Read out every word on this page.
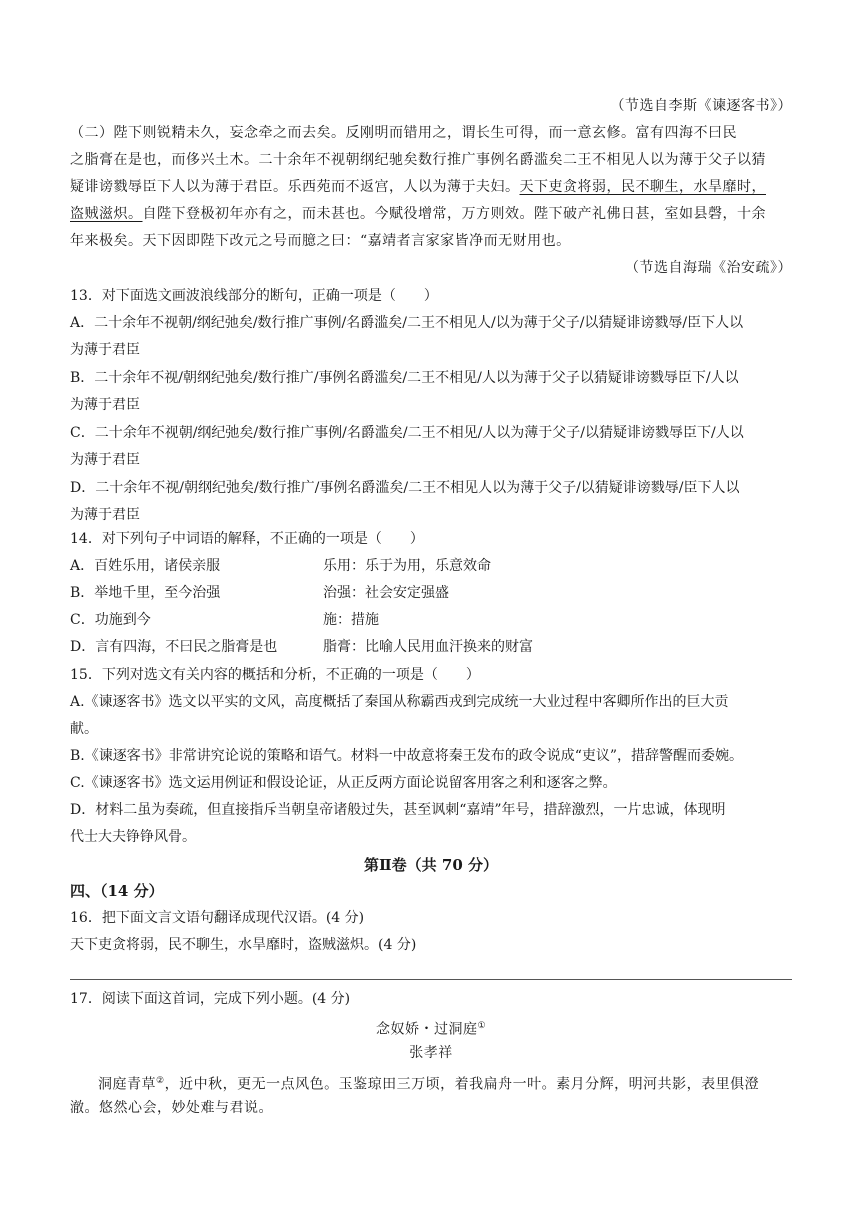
（节选自李斯《谏逐客书》）
（二）陛下则锐精未久，妄念牵之而去矣。反刚明而错用之，谓长生可得，而一意玄修。富有四海不曰民
之脂膏在是也，而侈兴土木。二十余年不视朝纲纪驰矣数行推广事例名爵滥矣二王不相见人以为薄于父子以猜
疑诽谤戮辱臣下人以为薄于君臣。乐西苑而不返宫，人以为薄于夫妇。天下吏贪将弱，民不聊生，水旱靡时，
盗贼滋炽。自陛下登极初年亦有之，而未甚也。今赋役增常，万方则效。陛下破产礼佛日甚，室如县磬，十余
年来极矣。天下因即陛下改元之号而臆之曰：“嘉靖者言家家皆净而无财用也。
（节选自海瑞《治安疏》）
13．对下面选文画波浪线部分的断句，正确一项是（　　）
A．二十余年不视朝/纲纪弛矣/数行推广事例/名爵滥矣/二王不相见人/以为薄于父子/以猜疑诽谤戮辱/臣下人以
为薄于君臣
B．二十余年不视/朝纲纪弛矣/数行推广/事例名爵滥矣/二王不相见/人以为薄于父子以猜疑诽谤戮辱臣下/人以
为薄于君臣
C．二十余年不视朝/纲纪弛矣/数行推广事例/名爵滥矣/二王不相见/人以为薄于父子/以猜疑诽谤戮辱臣下/人以
为薄于君臣
D．二十余年不视/朝纲纪弛矣/数行推广/事例名爵滥矣/二王不相见人以为薄于父子/以猜疑诽谤戮辱/臣下人以
为薄于君臣
14．对下列句子中词语的解释，不正确的一项是（　　）
A．百姓乐用，诸侯亲服	乐用：乐于为用，乐意效命
B．举地千里，至今治强	治强：社会安定强盛
C．功施到今	施：措施
D．言有四海，不曰民之脂膏是也	脂膏：比喻人民用血汗换来的财富
15．下列对选文有关内容的概括和分析，不正确的一项是（　　）
A.《谏逐客书》选文以平实的文风，高度概括了秦国从称霸西戎到完成统一大业过程中客卿所作出的巨大贡
献。
B.《谏逐客书》非常讲究论说的策略和语气。材料一中故意将秦王发布的政令说成“吏议”，措辞警醒而委婉。
C.《谏逐客书》选文运用例证和假设论证，从正反两方面论说留客用客之利和逐客之弊。
D．材料二虽为奏疏，但直接指斥当朝皇帝诸般过失，甚至讽刺“嘉靖”年号，措辞激烈，一片忠诚，体现明
代士大夫铮铮风骨。
第Ⅱ卷（共 70 分）
四、（14 分）
16．把下面文言文语句翻译成现代汉语。(4 分)
天下吏贪将弱，民不聊生，水旱靡时，盗贼滋炽。(4 分)
17．阅读下面这首词，完成下列小题。(4 分)
念奴娇・过洞庭①
张孝祥
洞庭青草②，近中秋，更无一点风色。玉鉴琼田三万顷，着我扁舟一叶。素月分辉，明河共影，表里俱澄
澈。悠然心会，妙处难与君说。
